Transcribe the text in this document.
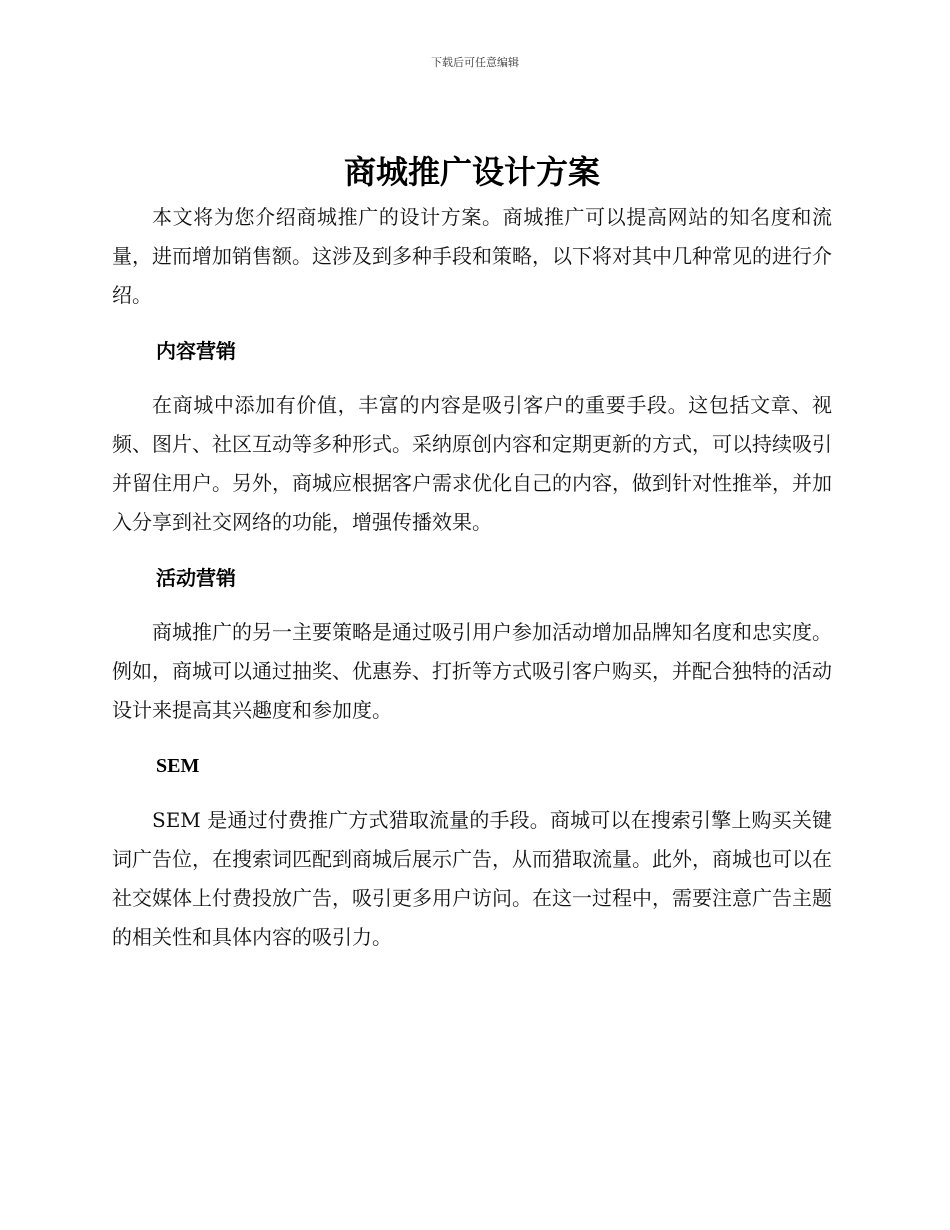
下载后可任意编辑
商城推广设计方案

本文将为您介绍商城推广的设计方案。商城推广可以提高网站的知名度和流量，进而增加销售额。这涉及到多种手段和策略，以下将对其中几种常见的进行介绍。

内容营销

在商城中添加有价值，丰富的内容是吸引客户的重要手段。这包括文章、视频、图片、社区互动等多种形式。采纳原创内容和定期更新的方式，可以持续吸引并留住用户。另外，商城应根据客户需求优化自己的内容，做到针对性推举，并加入分享到社交网络的功能，增强传播效果。

活动营销

商城推广的另一主要策略是通过吸引用户参加活动增加品牌知名度和忠实度。例如，商城可以通过抽奖、优惠券、打折等方式吸引客户购买，并配合独特的活动设计来提高其兴趣度和参加度。

SEM

SEM 是通过付费推广方式猎取流量的手段。商城可以在搜索引擎上购买关键词广告位，在搜索词匹配到商城后展示广告，从而猎取流量。此外，商城也可以在社交媒体上付费投放广告，吸引更多用户访问。在这一过程中，需要注意广告主题的相关性和具体内容的吸引力。
